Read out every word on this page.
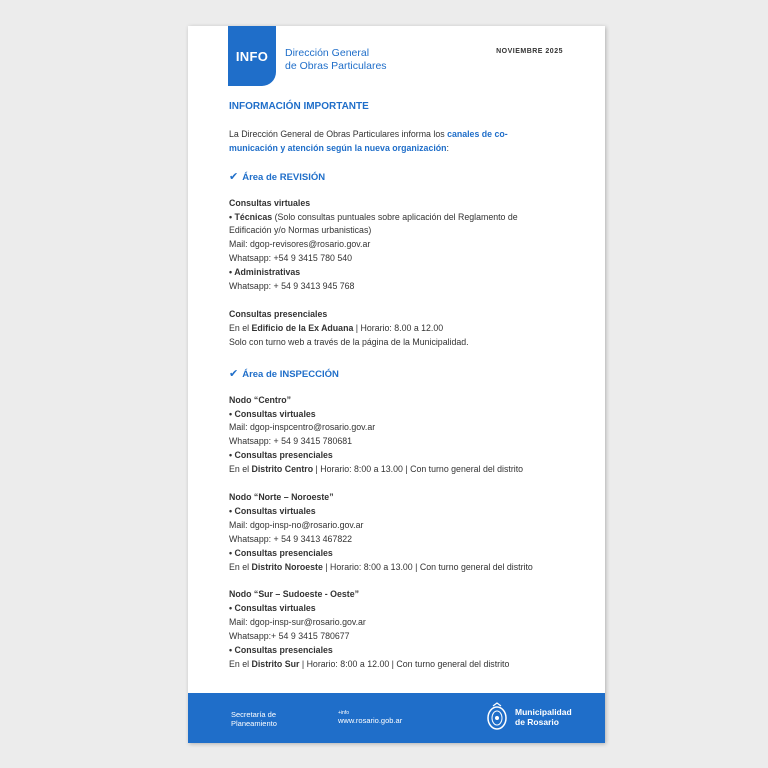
INFO Dirección General
de Obras Particulares
NOVIEMBRE 2025
INFORMACIÓN IMPORTANTE
La Dirección General de Obras Particulares informa los canales de co-
municación y atención según la nueva organización:
✔ Área de REVISIÓN
Consultas virtuales
• Técnicas (Solo consultas puntuales sobre aplicación del Reglamento de
Edificación y/o Normas urbanisticas)
Mail: dgop-revisores@rosario.gov.ar
Whatsapp: +54 9 3415 780 540
• Administrativas
Whatsapp: + 54 9 3413 945 768
Consultas presenciales
En el Edificio de la Ex Aduana | Horario: 8.00 a 12.00
Solo con turno web a través de la página de la Municipalidad.
✔ Área de INSPECCIÓN
Nodo “Centro”
• Consultas virtuales
Mail: dgop-inspcentro@rosario.gov.ar
Whatsapp: + 54 9 3415 780681
• Consultas presenciales
En el Distrito Centro | Horario: 8:00 a 13.00 | Con turno general del distrito
Nodo “Norte – Noroeste”
• Consultas virtuales
Mail: dgop-insp-no@rosario.gov.ar
Whatsapp: + 54 9 3413 467822
• Consultas presenciales
En el Distrito Noroeste | Horario: 8:00 a 13.00 | Con turno general del distrito
Nodo “Sur – Sudoeste - Oeste”
• Consultas virtuales
Mail: dgop-insp-sur@rosario.gov.ar
Whatsapp:+ 54 9 3415 780677
• Consultas presenciales
En el Distrito Sur | Horario: 8:00 a 12.00 | Con turno general del distrito
Secretaría de
Planeamiento
+info
www.rosario.gob.ar
Municipalidad
de Rosario
